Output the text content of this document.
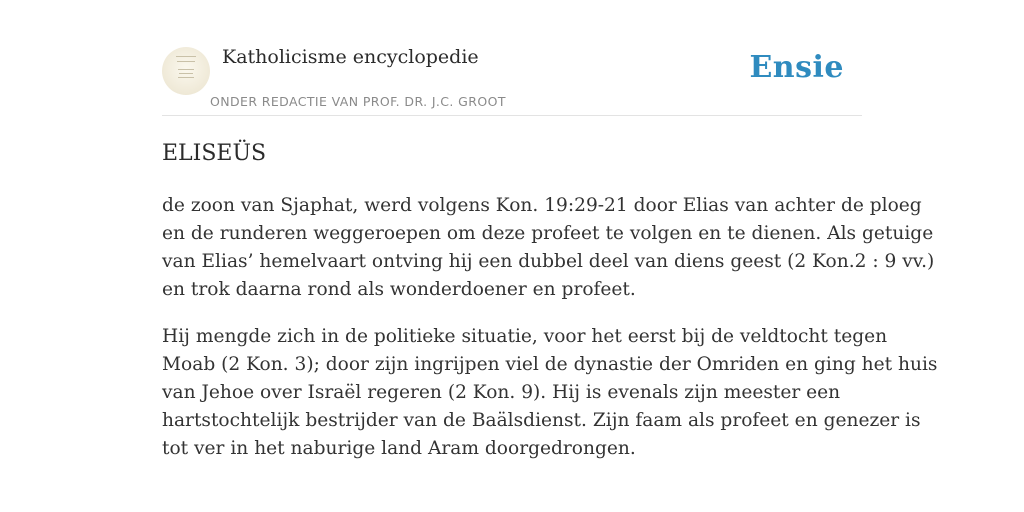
Katholicisme encyclopedie
ONDER REDACTIE VAN PROF. DR. J.C. GROOT
Ensie
ELISEÜS

de zoon van Sjaphat, werd volgens Kon. 19:29-21 door Elias van achter de ploeg
en de runderen weggeroepen om deze profeet te volgen en te dienen. Als getuige
van Elias’ hemelvaart ontving hij een dubbel deel van diens geest (2 Kon.2 : 9 vv.)
en trok daarna rond als wonderdoener en profeet.

Hij mengde zich in de politieke situatie, voor het eerst bij de veldtocht tegen
Moab (2 Kon. 3); door zijn ingrijpen viel de dynastie der Omriden en ging het huis
van Jehoe over Israël regeren (2 Kon. 9). Hij is evenals zijn meester een
hartstochtelijk bestrijder van de Baälsdienst. Zijn faam als profeet en genezer is
tot ver in het naburige land Aram doorgedrongen.
